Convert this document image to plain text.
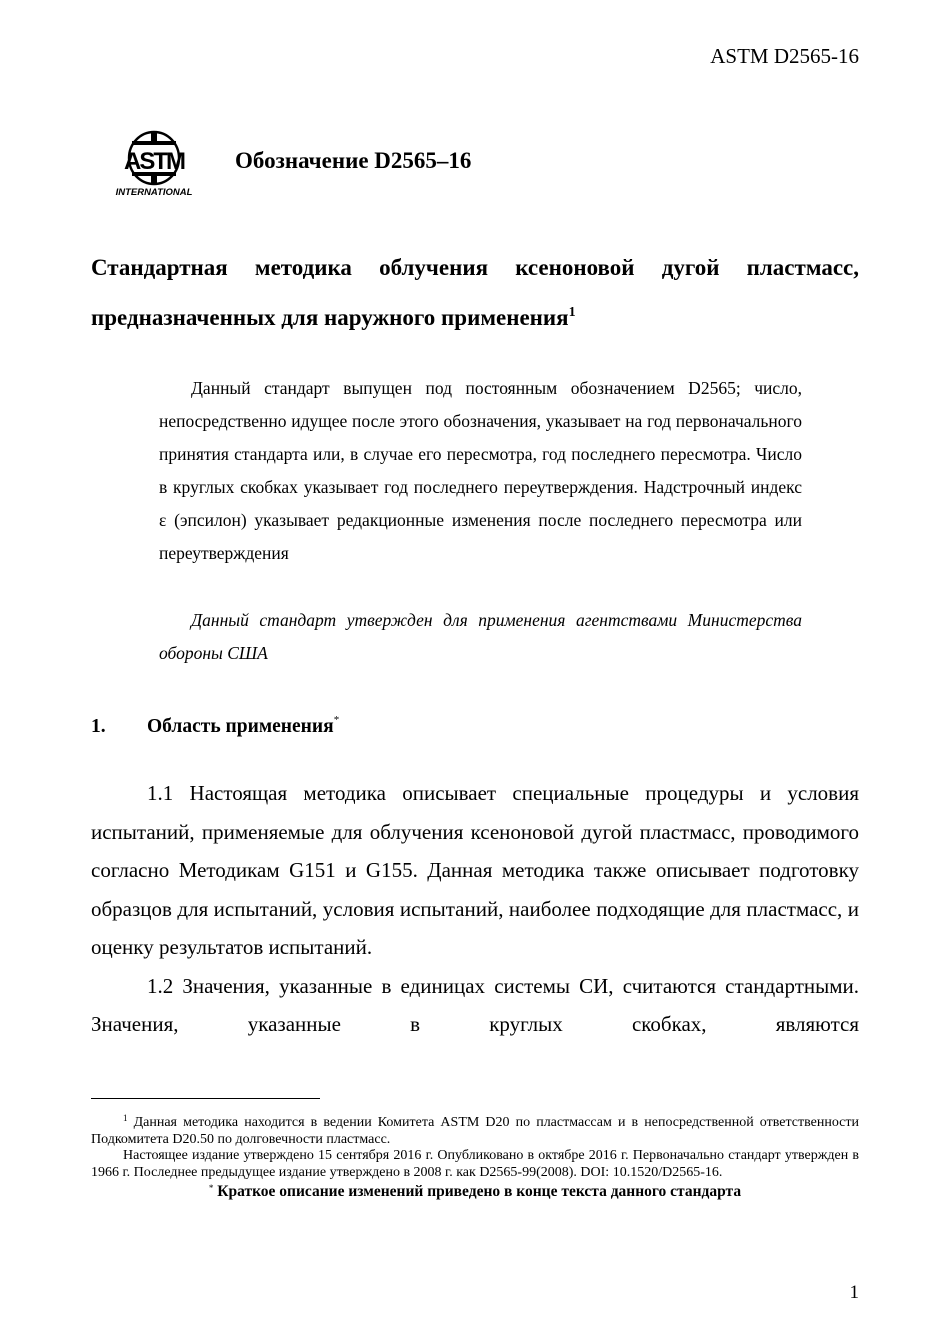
ASTM D2565-16
ASTM
INTERNATIONAL
Обозначение D2565–16
Стандартная методика облучения ксеноновой дугой пластмасс, предназначенных для наружного применения$^1$
Данный стандарт выпущен под постоянным обозначением D2565; число, непосредственно идущее после этого обозначения, указывает на год первоначального принятия стандарта или, в случае его пересмотра, год последнего пересмотра. Число в круглых скобках указывает год последнего переутверждения. Надстрочный индекс ε (эпсилон) указывает редакционные изменения после последнего пересмотра или переутверждения
Данный стандарт утвержден для применения агентствами Министерства обороны США
1. Область применения*

1.1 Настоящая методика описывает специальные процедуры и условия испытаний, применяемые для облучения ксеноновой дугой пластмасс, проводимого согласно Методикам G151 и G155. Данная методика также описывает подготовку образцов для испытаний, условия испытаний, наиболее подходящие для пластмасс, и оценку результатов испытаний.

1.2 Значения, указанные в единицах системы СИ, считаются стандартными. Значения, указанные в круглых скобках, являются

$^1$ Данная методика находится в ведении Комитета ASTM D20 по пластмассам и в непосредственной ответственности Подкомитета D20.50 по долговечности пластмасс.

Настоящее издание утверждено 15 сентября 2016 г. Опубликовано в октябре 2016 г. Первоначально стандарт утвержден в 1966 г. Последнее предыдущее издание утверждено в 2008 г. как D2565-99(2008). DOI: 10.1520/D2565-16.

* Краткое описание изменений приведено в конце текста данного стандарта
1
